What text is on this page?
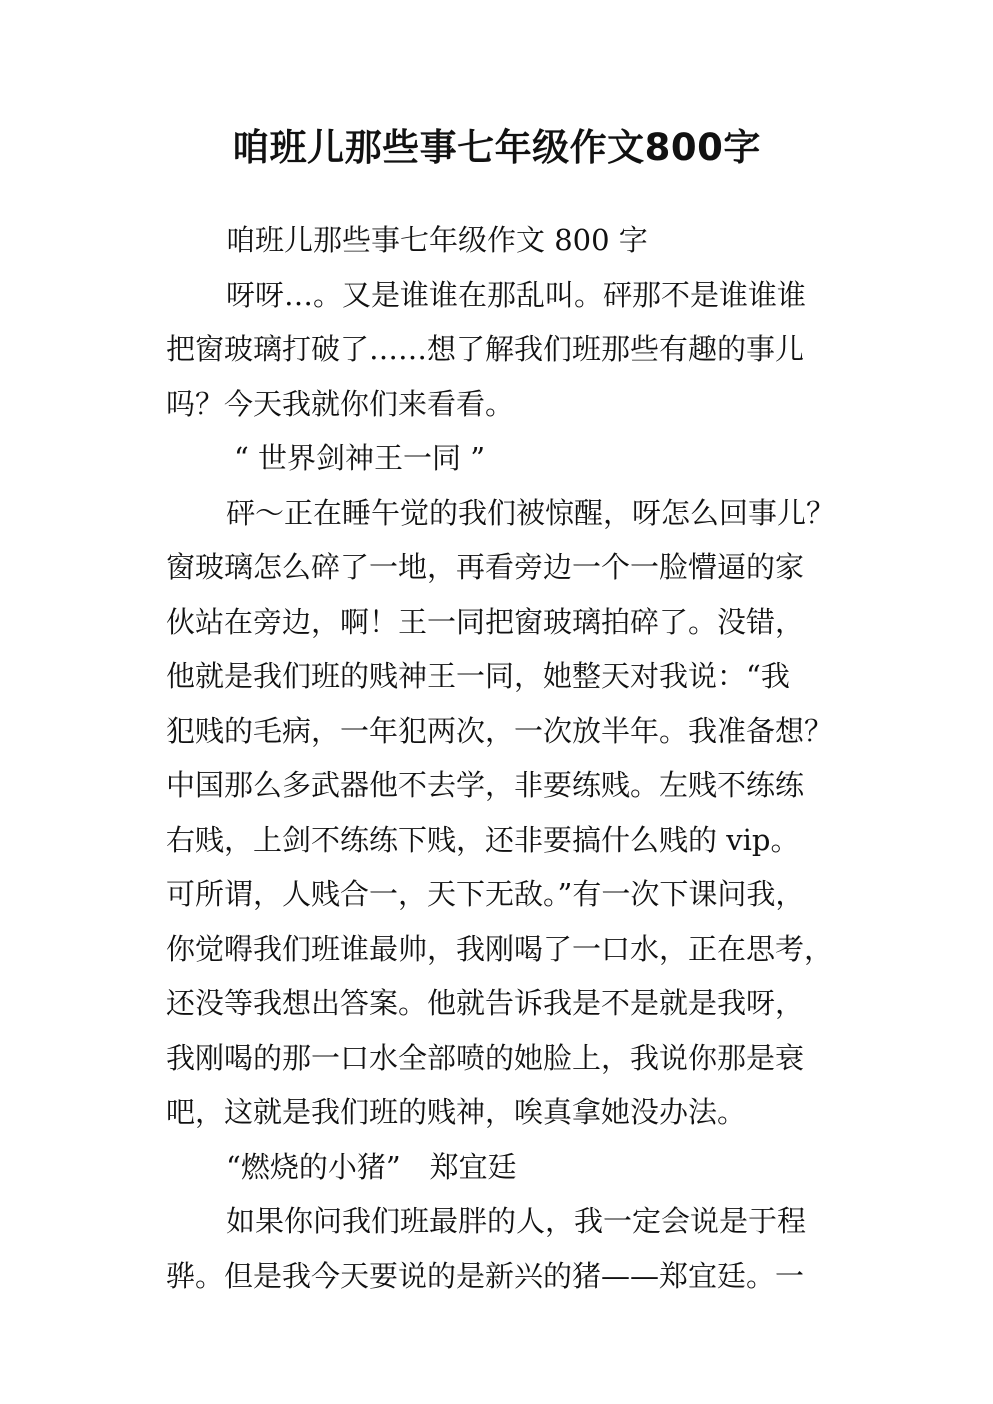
咱班儿那些事七年级作文800字
咱班儿那些事七年级作文 800 字
呀呀…。又是谁谁在那乱叫。砰那不是谁谁谁
把窗玻璃打破了……想了解我们班那些有趣的事儿
吗？今天我就你们来看看。
“ 世界剑神王一同 ”
砰～正在睡午觉的我们被惊醒，呀怎么回事儿？
窗玻璃怎么碎了一地，再看旁边一个一脸懵逼的家
伙站在旁边，啊！王一同把窗玻璃拍碎了。没错，
他就是我们班的贱神王一同，她整天对我说：“我
犯贱的毛病，一年犯两次，一次放半年。我准备想？
中国那么多武器他不去学，非要练贱。左贱不练练
右贱，上剑不练练下贱，还非要搞什么贱的 vip。
可所谓，人贱合一，天下无敌。”有一次下课问我，
你觉嘚我们班谁最帅，我刚喝了一口水，正在思考，
还没等我想出答案。他就告诉我是不是就是我呀，
我刚喝的那一口水全部喷的她脸上，我说你那是衰
吧，这就是我们班的贱神，唉真拿她没办法。
“燃烧的小猪”　郑宜廷
如果你问我们班最胖的人，我一定会说是于程
骅。但是我今天要说的是新兴的猪——郑宜廷。一
